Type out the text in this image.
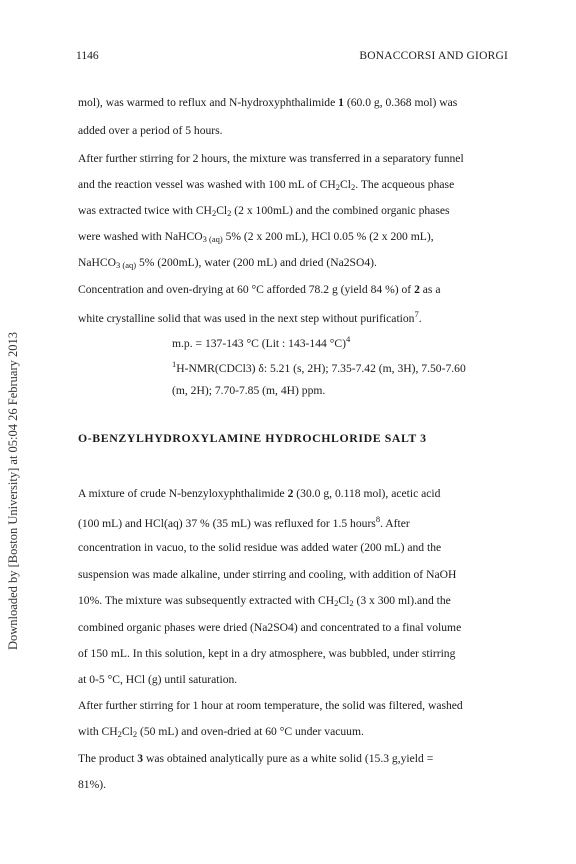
Downloaded by [Boston University] at 05:04 26 February 2013
1146	BONACCORSI AND GIORGI
mol), was warmed to reflux and N-hydroxyphthalimide 1 (60.0 g, 0.368 mol) was
added over a period of 5 hours.
After further stirring for 2 hours, the mixture was transferred in a separatory funnel
and the reaction vessel was washed with 100 mL of $CH_2Cl_2$. The acqueous phase
was extracted twice with $CH_2Cl_2$ (2 x 100mL) and the combined organic phases
were washed with NaHCO$_3$ $_{(aq)}$ 5% (2 x 200 mL), HCl 0.05 % (2 x 200 mL),
NaHCO$_3$ $_{(aq)}$ 5% (200mL), water (200 mL) and dried (Na2SO4).
Concentration and oven-drying at 60 °C afforded 78.2 g (yield 84 %) of 2 as a
white crystalline solid that was used in the next step without purification$^7$.
m.p. = 137-143 °C (Lit : 143-144 °C)$^4$
$^1$H-NMR(CDCl3) δ: 5.21 (s, 2H); 7.35-7.42 (m, 3H), 7.50-7.60
(m, 2H); 7.70-7.85 (m, 4H) ppm.
O-BENZYLHYDROXYLAMINE HYDROCHLORIDE SALT 3
A mixture of crude N-benzyloxyphthalimide 2 (30.0 g, 0.118 mol), acetic acid
(100 mL) and HCl(aq) 37 % (35 mL) was refluxed for 1.5 hours$^8$. After
concentration in vacuo, to the solid residue was added water (200 mL) and the
suspension was made alkaline, under stirring and cooling, with addition of NaOH
10%. The mixture was subsequently extracted with $CH_2Cl_2$ (3 x 300 ml).and the
combined organic phases were dried (Na2SO4) and concentrated to a final volume
of 150 mL. In this solution, kept in a dry atmosphere, was bubbled, under stirring
at 0-5 °C, HCl (g) until saturation.
After further stirring for 1 hour at room temperature, the solid was filtered, washed
with $CH_2Cl_2$ (50 mL) and oven-dried at 60 °C under vacuum.
The product 3 was obtained analytically pure as a white solid (15.3 g,yield =
81%).
